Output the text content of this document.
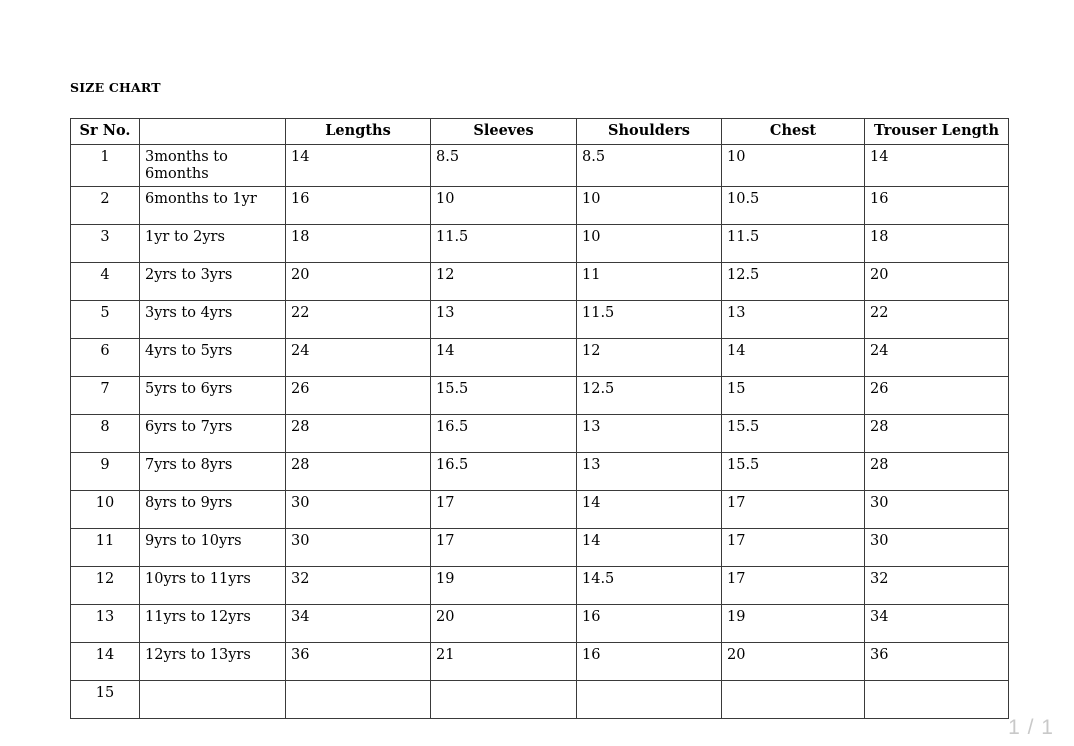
SIZE CHART
Sr No.		Lengths	Sleeves	Shoulders	Chest	Trouser Length
1	3months to 6months	14	8.5	8.5	10	14
2	6months to 1yr	16	10	10	10.5	16
3	1yr to 2yrs	18	11.5	10	11.5	18
4	2yrs to 3yrs	20	12	11	12.5	20
5	3yrs to 4yrs	22	13	11.5	13	22
6	4yrs to 5yrs	24	14	12	14	24
7	5yrs to 6yrs	26	15.5	12.5	15	26
8	6yrs to 7yrs	28	16.5	13	15.5	28
9	7yrs to 8yrs	28	16.5	13	15.5	28
10	8yrs to 9yrs	30	17	14	17	30
11	9yrs to 10yrs	30	17	14	17	30
12	10yrs to 11yrs	32	19	14.5	17	32
13	11yrs to 12yrs	34	20	16	19	34
14	12yrs to 13yrs	36	21	16	20	36
15						
1 / 1
